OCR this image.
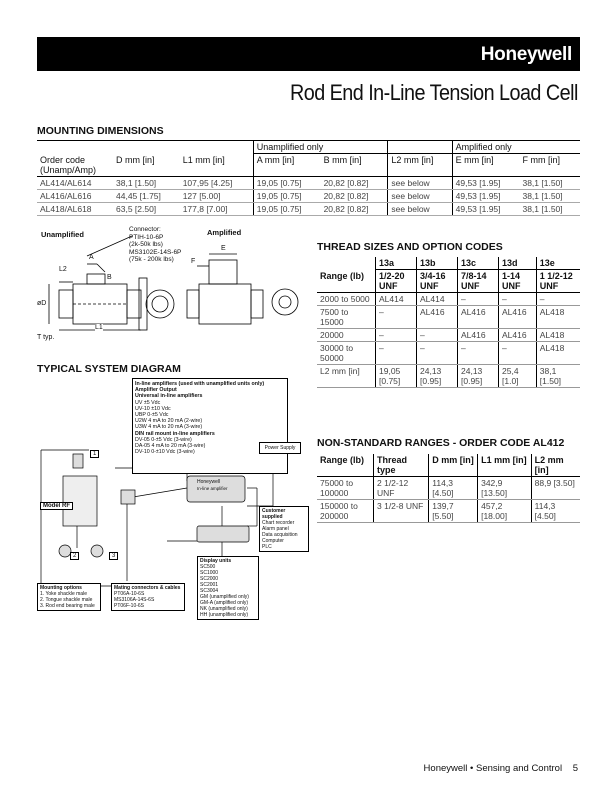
Honeywell
Rod End In-Line Tension Load Cell
MOUNTING DIMENSIONS
			Unamplified only			Amplified only	
Order code (Unamp/Amp)	D mm [in]	L1 mm [in]	A mm [in]	B mm [in]	L2 mm [in]	E mm [in]	F mm [in]
AL414/AL614	38,1 [1.50]	107,95 [4.25]	19,05 [0.75]	20,82 [0.82]	see below	49,53 [1.95]	38,1 [1.50]
AL416/AL616	44,45 [1.75]	127 [5.00]	19,05 [0.75]	20,82 [0.82]	see below	49,53 [1.95]	38,1 [1.50]
AL418/AL618	63,5 [2.50]	177,8 [7.00]	19,05 [0.75]	20,82 [0.82]	see below	49,53 [1.95]	38,1 [1.50]
Unamplified	Amplified
Connector:
PTIH-10-6P
(2k-50k lbs)
MS3102E-14S-6P
(75k - 200k lbs)
L2
A
B
L1
øD
T typ.
E
F
THREAD SIZES AND OPTION CODES
	13a	13b	13c	13d	13e
Range (lb)	1/2-20 UNF	3/4-16 UNF	7/8-14 UNF	1-14 UNF	1 1/2-12 UNF
2000 to 5000	AL414	AL414	–	–	–
7500 to 15000	–	AL416	AL416	AL416	AL418
20000	–	–	AL416	AL416	AL418
30000 to 50000	–	–	–	–	AL418
L2 mm [in]	19,05 [0.75]	24,13 [0.95]	24,13 [0.95]	25,4 [1.0]	38,1 [1.50]
TYPICAL SYSTEM DIAGRAM
In-line amplifiers (used with unamplified units only)
Amplifier Output
Universal in-line amplifiers
UV ±5 Vdc
UV-10 ±10 Vdc
UBP 0-±5 Vdc
U2W 4 mA to 20 mA (2-wire)
U3W 4 mA to 20 mA (3-wire)
DIN rail mount in-line amplifiers
DV-05 0-±5 Vdc (3-wire)
DA-05 4 mA to 20 mA (3-wire)
DV-10 0-±10 Vdc (3-wire)
Power Supply
Honeywell
In-line amplifier
Model RF
1
2	3
Customer supplied
Chart recorder
Alarm panel
Data acquisition
Computer
PLC
Display units
SC500
SC1000
SC2000
SC2001
SC3004
GM (unamplified only)
GM-A (amplified only)
NK (unamplified only)
HH (unamplified only)
Mounting options
1. Yoke shackle male
2. Tongue shackle male
3. Rod end bearing male
Mating connectors & cables
PT06A-10-6S
MS3106A-14S-6S
PT06F-10-6S
NON-STANDARD RANGES - ORDER CODE AL412
Range (lb)	Thread type	D mm [in]	L1 mm [in]	L2 mm [in]
75000 to 100000	2 1/2-12 UNF	114,3 [4.50]	342,9 [13.50]	88,9 [3.50]
150000 to 200000	3 1/2-8 UNF	139,7 [5.50]	457,2 [18.00]	114,3 [4.50]
Honeywell • Sensing and Control 5
